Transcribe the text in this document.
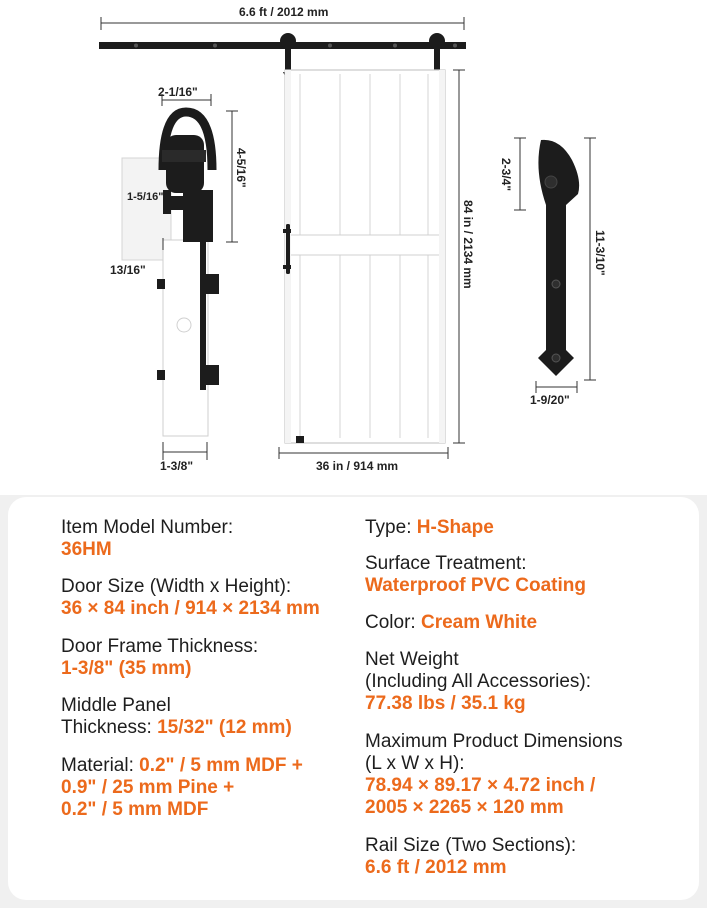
6.6 ft / 2012 mm
2-1/16"
4-5/16"
1-5/16"
13/16"
1-3/8"
84 in / 2134 mm
36 in / 914 mm
2-3/4"
11-3/10"
1-9/20"
Item Model Number:
36HM
Door Size (Width x Height):
36 × 84 inch / 914 × 2134 mm
Door Frame Thickness:
1-3/8" (35 mm)
Middle Panel
Thickness: 15/32" (12 mm)
Material: 0.2" / 5 mm MDF +
0.9" / 25 mm Pine +
0.2" / 5 mm MDF
Type: H-Shape
Surface Treatment:
Waterproof PVC Coating
Color: Cream White
Net Weight
(Including All Accessories):
77.38 lbs / 35.1 kg
Maximum Product Dimensions
(L x W x H):
78.94 × 89.17 × 4.72 inch /
2005 × 2265 × 120 mm
Rail Size (Two Sections):
6.6 ft / 2012 mm
